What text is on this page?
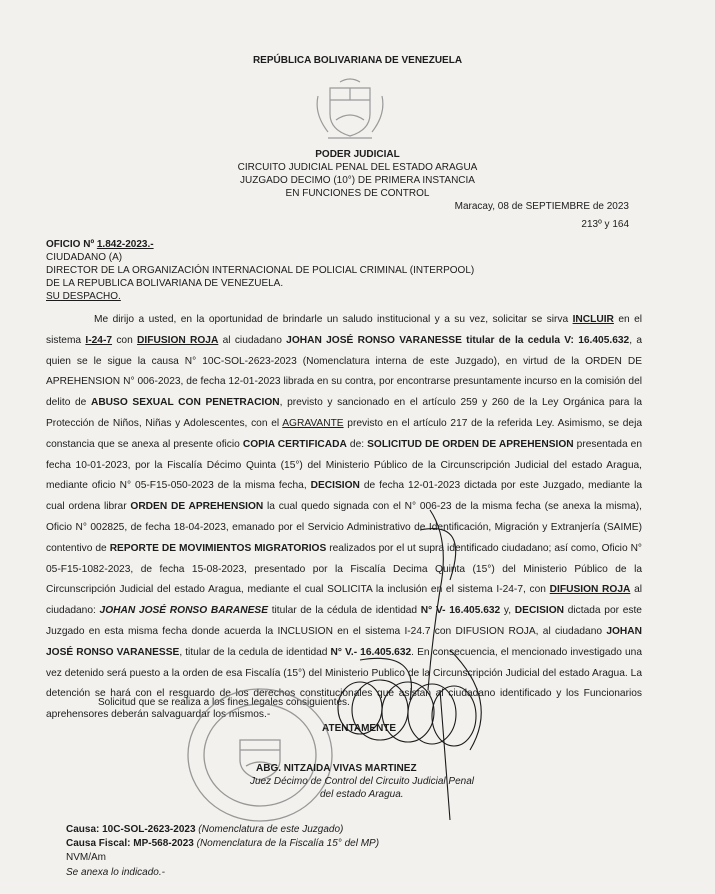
REPÚBLICA BOLIVARIANA DE VENEZUELA
PODER JUDICIAL
CIRCUITO JUDICIAL PENAL DEL ESTADO ARAGUA
JUZGADO DECIMO (10°) DE PRIMERA INSTANCIA
EN FUNCIONES DE CONTROL
Maracay, 08 de SEPTIEMBRE de 2023
213º y 164
OFICIO Nº 1.842-2023.-
CIUDADANO (A)
DIRECTOR DE LA ORGANIZACIÓN INTERNACIONAL DE POLICIAL CRIMINAL (INTERPOOL)
DE LA REPUBLICA BOLIVARIANA DE VENEZUELA.
SU DESPACHO.

Me dirijo a usted, en la oportunidad de brindarle un saludo institucional y a su vez, solicitar se sirva INCLUIR en el sistema I-24-7 con DIFUSION ROJA al ciudadano JOHAN JOSÉ RONSO VARANESSE titular de la cedula V: 16.405.632, a quien se le sigue la causa N° 10C-SOL-2623-2023 (Nomenclatura interna de este Juzgado), en virtud de la ORDEN DE APREHENSION N° 006-2023, de fecha 12-01-2023 librada en su contra, por encontrarse presuntamente incurso en la comisión del delito de ABUSO SEXUAL CON PENETRACION, previsto y sancionado en el artículo 259 y 260 de la Ley Orgánica para la Protección de Niños, Niñas y Adolescentes, con el AGRAVANTE previsto en el artículo 217 de la referida Ley. Asimismo, se deja constancia que se anexa al presente oficio COPIA CERTIFICADA de: SOLICITUD DE ORDEN DE APREHENSION presentada en fecha 10-01-2023, por la Fiscalía Décimo Quinta (15°) del Ministerio Público de la Circunscripción Judicial del estado Aragua, mediante oficio N° 05-F15-050-2023 de la misma fecha, DECISION de fecha 12-01-2023 dictada por este Juzgado, mediante la cual ordena librar ORDEN DE APREHENSION la cual quedo signada con el N° 006-23 de la misma fecha (se anexa la misma), Oficio N° 002825, de fecha 18-04-2023, emanado por el Servicio Administrativo de Identificación, Migración y Extranjería (SAIME) contentivo de REPORTE DE MOVIMIENTOS MIGRATORIOS realizados por el ut supra identificado ciudadano; así como, Oficio N° 05-F15-1082-2023, de fecha 15-08-2023, presentado por la Fiscalía Decima Quinta (15°) del Ministerio Público de la Circunscripción Judicial del estado Aragua, mediante el cual SOLICITA la inclusión en el sistema I-24-7, con DIFUSION ROJA al ciudadano: JOHAN JOSÉ RONSO BARANESE titular de la cédula de identidad N° V- 16.405.632 y, DECISION dictada por este Juzgado en esta misma fecha donde acuerda la INCLUSION en el sistema I-24.7 con DIFUSION ROJA, al ciudadano JOHAN JOSÉ RONSO VARANESSE, titular de la cedula de identidad N° V.- 16.405.632. En consecuencia, el mencionado investigado una vez detenido será puesto a la orden de esa Fiscalía (15°) del Ministerio Publico de la Circunscripción Judicial del estado Aragua. La detención se hará con el resguardo de los derechos constitucionales que asistan al ciudadano identificado y los Funcionarios aprehensores deberán salvaguardar los mismos.-

Solicitud que se realiza a los fines legales consiguientes.
ATENTAMENTE
ABG. NITZAIDA VIVAS MARTINEZ
Juez Décimo de Control del Circuito Judicial Penal
del estado Aragua.
Causa: 10C-SOL-2623-2023 (Nomenclatura de este Juzgado)
Causa Fiscal: MP-568-2023 (Nomenclatura de la Fiscalía 15° del MP)
NVM/Am
Se anexa lo indicado.-
